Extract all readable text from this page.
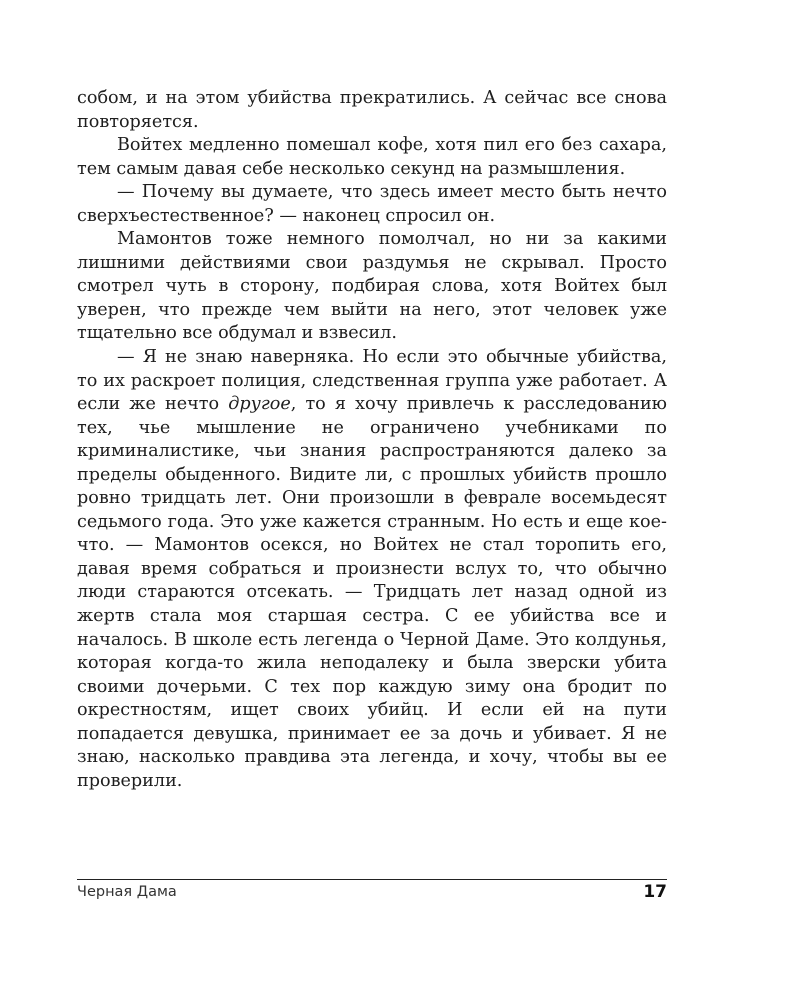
собом, и на этом убийства прекратились. А сейчас все снова повторяется.

Войтех медленно помешал кофе, хотя пил его без сахара, тем самым давая себе несколько секунд на размышления.

— Почему вы думаете, что здесь имеет место быть нечто сверхъестественное? — наконец спросил он.

Мамонтов тоже немного помолчал, но ни за какими лишними действиями свои раздумья не скрывал. Просто смотрел чуть в сторону, подбирая слова, хотя Войтех был уверен, что прежде чем выйти на него, этот человек уже тщательно все обдумал и взвесил.

— Я не знаю наверняка. Но если это обычные убийства, то их раскроет полиция, следственная группа уже работает. А если же нечто другое, то я хочу привлечь к расследованию тех, чье мышление не ограничено учебниками по криминалистике, чьи знания распространяются далеко за пределы обыденного. Видите ли, с прошлых убийств прошло ровно тридцать лет. Они произошли в феврале восемьдесят седьмого года. Это уже кажется странным. Но есть и еще кое-что. — Мамонтов осекся, но Войтех не стал торопить его, давая время собраться и произнести вслух то, что обычно люди стараются отсекать. — Тридцать лет назад одной из жертв стала моя старшая сестра. С ее убийства все и началось. В школе есть легенда о Черной Даме. Это колдунья, которая когда-то жила неподалеку и была зверски убита своими дочерьми. С тех пор каждую зиму она бродит по окрестностям, ищет своих убийц. И если ей на пути попадается девушка, принимает ее за дочь и убивает. Я не знаю, насколько правдива эта легенда, и хочу, чтобы вы ее проверили.

Черная Дама	17
